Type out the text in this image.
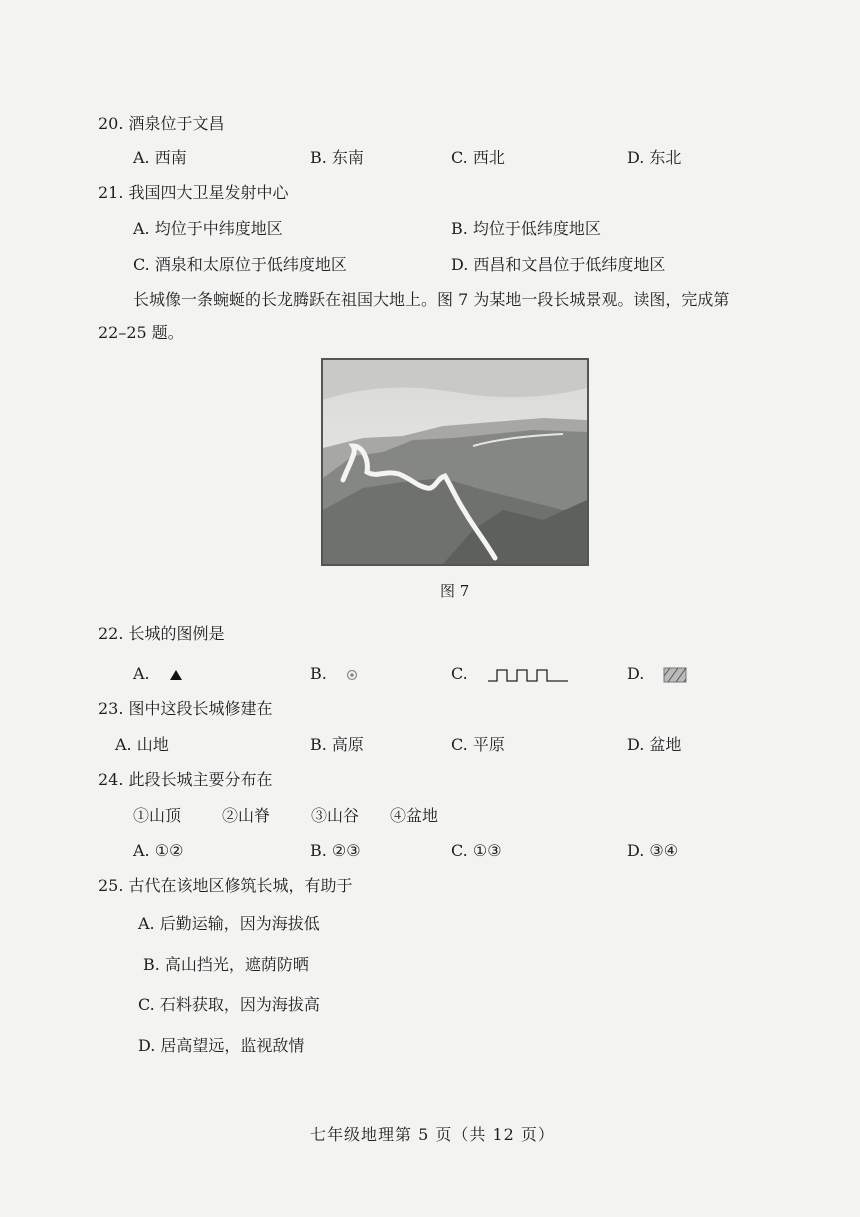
20. 酒泉位于文昌
A. 西南	B. 东南	C. 西北	D. 东北
21. 我国四大卫星发射中心
A. 均位于中纬度地区	B. 均位于低纬度地区
C. 酒泉和太原位于低纬度地区	D. 西昌和文昌位于低纬度地区
长城像一条蜿蜒的长龙腾跃在祖国大地上。图 7 为某地一段长城景观。读图，完成第
22–25 题。
图 7
22. 长城的图例是
A.	B.	C.	D.
23. 图中这段长城修建在
A. 山地	B. 高原	C. 平原	D. 盆地
24. 此段长城主要分布在
①山顶	②山脊	③山谷 ④盆地
A. ①②	B. ②③	C. ①③	D. ③④
25. 古代在该地区修筑长城，有助于
A. 后勤运输，因为海拔低
B. 高山挡光，遮荫防晒
C. 石料获取，因为海拔高
D. 居高望远，监视敌情
七年级地理第 5 页（共 12 页）
